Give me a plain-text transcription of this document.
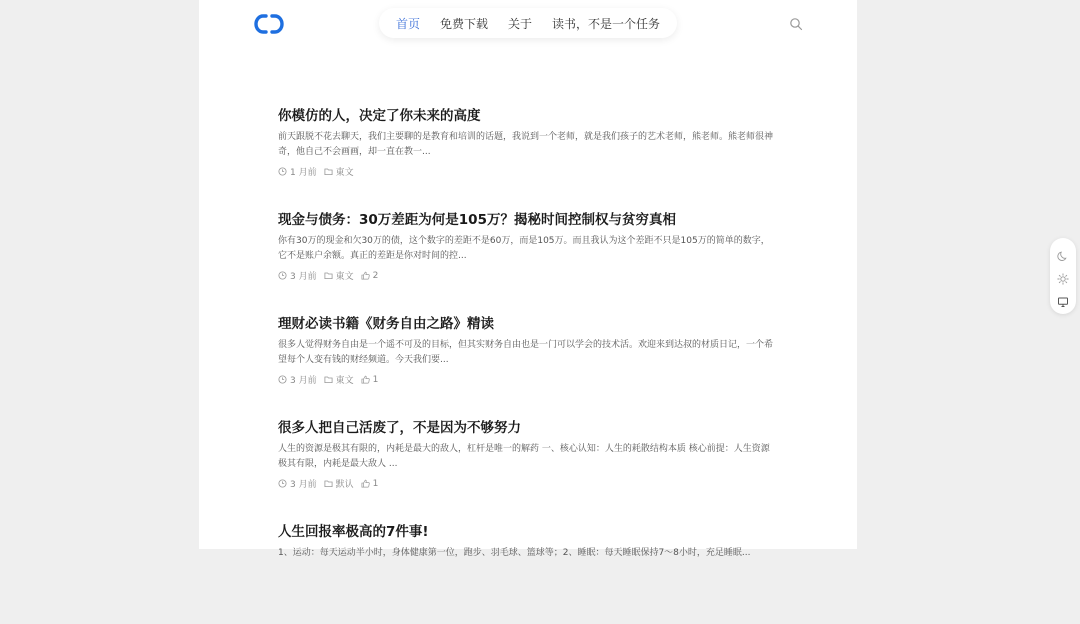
首页 免费下载 关于 读书，不是一个任务
你模仿的人，决定了你未来的高度

前天跟脱不花去聊天，我们主要聊的是教育和培训的话题，我说到一个老师，就是我们孩子的艺术老师，熊老师。熊老师很神奇，他自己不会画画，却一直在教一...

1 月前 東文
现金与债务：30万差距为何是105万？揭秘时间控制权与贫穷真相

你有30万的现金和欠30万的债，这个数字的差距不是60万，而是105万。而且我认为这个差距不只是105万的简单的数字，它不是账户余额。真正的差距是你对时间的控...

3 月前 東文 2
理财必读书籍《财务自由之路》精读

很多人觉得财务自由是一个遥不可及的目标，但其实财务自由也是一门可以学会的技术活。欢迎来到达叔的材质日记，一个希望每个人变有钱的财经频道。今天我们要...

3 月前 東文 1
很多人把自己活废了，不是因为不够努力

人生的资源是极其有限的，内耗是最大的敌人，杠杆是唯一的解药 一、核心认知：人生的耗散结构本质 核心前提：人生资源极其有限，内耗是最大敌人 ...

3 月前 默认 1
人生回报率极高的7件事!

1、运动：每天运动半小时，身体健康第一位，跑步、羽毛球、篮球等；2、睡眠：每天睡眠保持7～8小时，充足睡眠...
